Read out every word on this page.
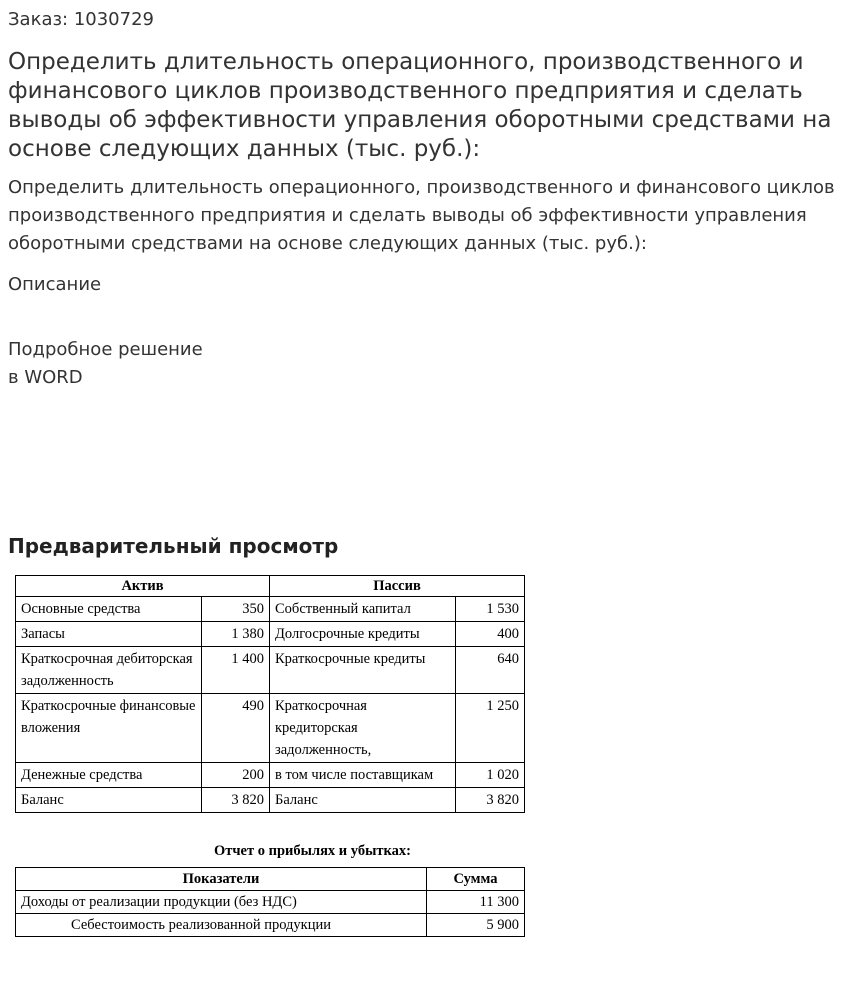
Заказ: 1030729
Определить длительность операционного, производственного и финансового циклов производственного предприятия и сделать выводы об эффективности управления оборотными средствами на основе следующих данных (тыс. руб.):

Определить длительность операционного, производственного и финансового циклов производственного предприятия и сделать выводы об эффективности управления оборотными средствами на основе следующих данных (тыс. руб.):

Описание
Подробное решение
в WORD
Предварительный просмотр
Актив		Пассив	
Основные средства	350	Собственный капитал	1 530
Запасы	1 380	Долгосрочные кредиты	400
Краткосрочная дебиторская задолженность	1 400	Краткосрочные кредиты	640
Краткосрочные финансовые вложения	490	Краткосрочная кредиторская задолженность,	1 250
Денежные средства	200	в том числе поставщикам	1 020
Баланс	3 820	Баланс	3 820
Отчет о прибылях и убытках:
Показатели	Сумма
Доходы от реализации продукции (без НДС)	11 300
Себестоимость реализованной продукции	5 900
